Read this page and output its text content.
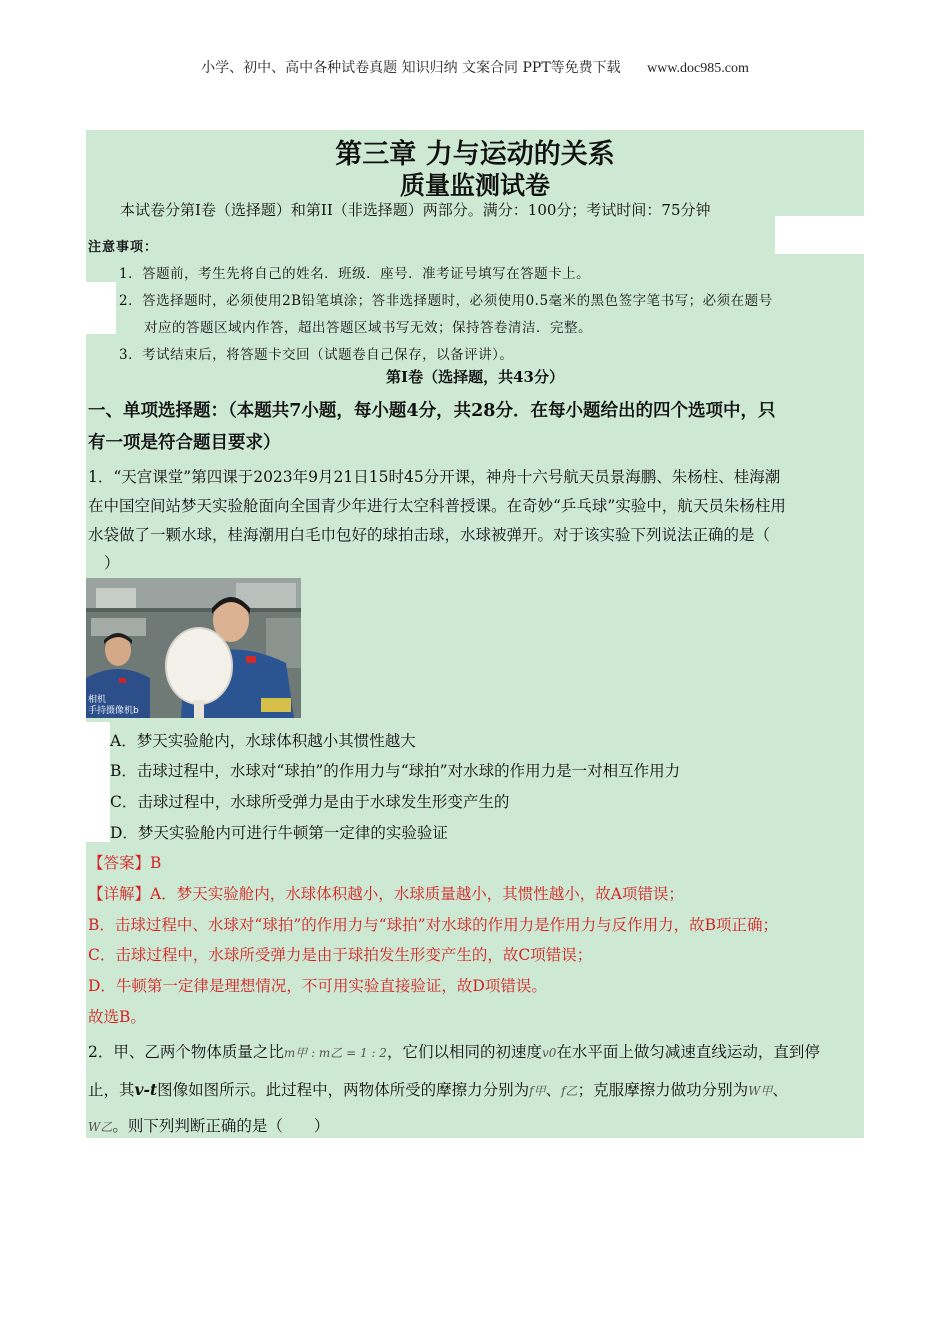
小学、初中、高中各种试卷真题 知识归纳 文案合同 PPT等免费下载 www.doc985.com
第三章 力与运动的关系
质量监测试卷
本试卷分第I卷（选择题）和第II（非选择题）两部分。满分：100分；考试时间：75分钟
注意事项：
1．答题前，考生先将自己的姓名．班级．座号．准考证号填写在答题卡上。
2．答选择题时，必须使用2B铅笔填涂；答非选择题时，必须使用0.5毫米的黑色签字笔书写；必须在题号
对应的答题区域内作答，超出答题区域书写无效；保持答卷清洁．完整。
3．考试结束后，将答题卡交回（试题卷自己保存，以备评讲）。
第Ⅰ卷（选择题，共43分）
一、单项选择题：（本题共7小题，每小题4分，共28分．在每小题给出的四个选项中，只
有一项是符合题目要求）
1．“天宫课堂”第四课于2023年9月21日15时45分开课，神舟十六号航天员景海鹏、朱杨柱、桂海潮
在中国空间站梦天实验舱面向全国青少年进行太空科普授课。在奇妙“乒乓球”实验中，航天员朱杨柱用
水袋做了一颗水球，桂海潮用白毛巾包好的球拍击球，水球被弹开。对于该实验下列说法正确的是（
）
相机
手持摄像机b
A．梦天实验舱内，水球体积越小其惯性越大
B．击球过程中，水球对“球拍”的作用力与“球拍”对水球的作用力是一对相互作用力
C．击球过程中，水球所受弹力是由于水球发生形变产生的
D．梦天实验舱内可进行牛顿第一定律的实验验证
【答案】B
【详解】A．梦天实验舱内，水球体积越小，水球质量越小，其惯性越小，故A项错误；
B．击球过程中、水球对“球拍”的作用力与“球拍”对水球的作用力是作用力与反作用力，故B项正确；
C．击球过程中，水球所受弹力是由于球拍发生形变产生的，故C项错误；
D．牛顿第一定律是理想情况，不可用实验直接验证，故D项错误。
故选B。
2．甲、乙两个物体质量之比m甲 : m乙 = 1 : 2，它们以相同的初速度v0在水平面上做匀减速直线运动，直到停
止，其v-t图像如图所示。此过程中，两物体所受的摩擦力分别为f甲、f乙；克服摩擦力做功分别为W甲、
W乙。则下列判断正确的是（　　）
